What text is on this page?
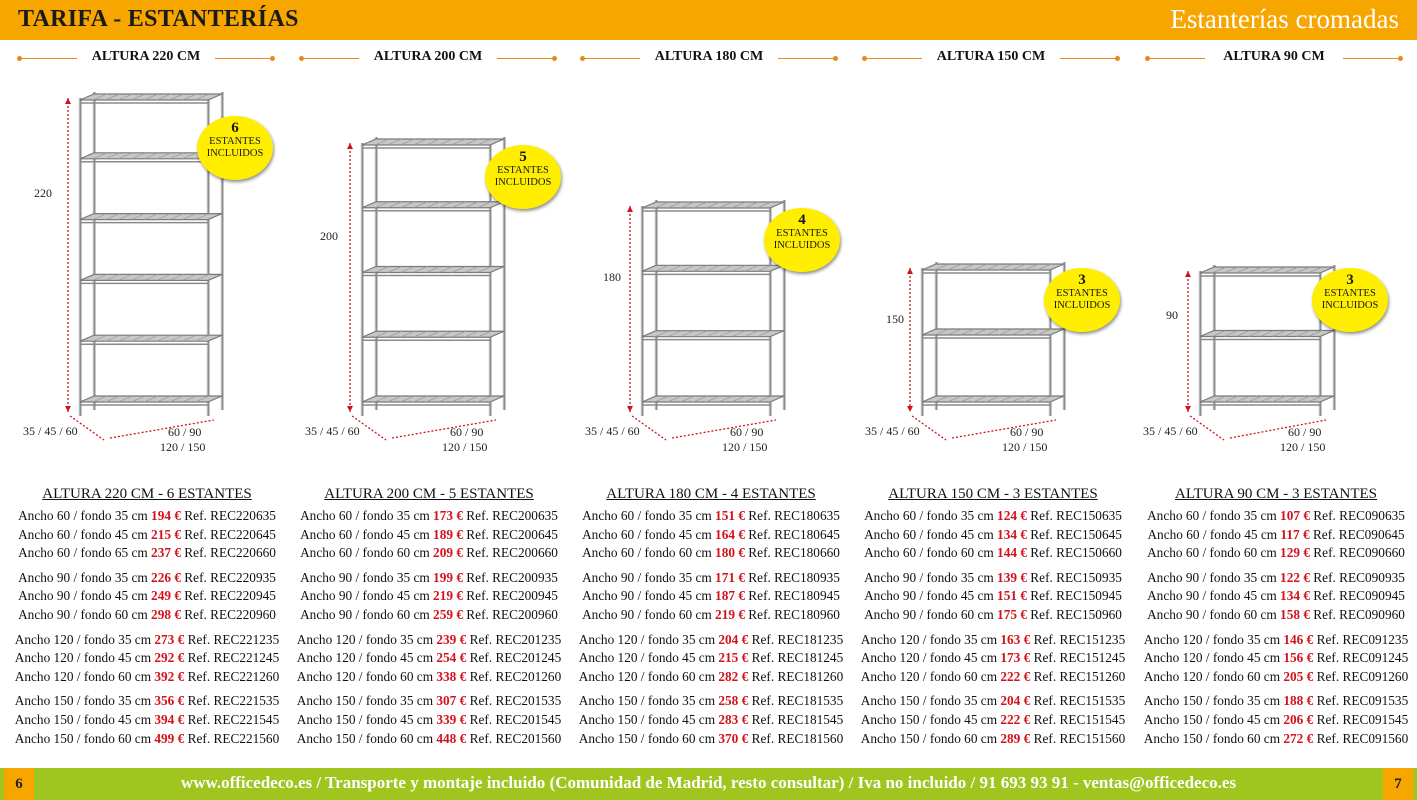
TARIFA - ESTANTERÍAS	Estanterías cromadas
ALTURA 220 CM	ALTURA 200 CM	ALTURA 180 CM	ALTURA 150 CM	ALTURA 90 CM
6
ESTANTES
INCLUIDOS
220
35 / 45 / 60	60 / 90
120 / 150
5
ESTANTES
INCLUIDOS
200
35 / 45 / 60	60 / 90
120 / 150
4
ESTANTES
INCLUIDOS
180
35 / 45 / 60	60 / 90
120 / 150
3
ESTANTES
INCLUIDOS
150
35 / 45 / 60	60 / 90
120 / 150
3
ESTANTES
INCLUIDOS
90
35 / 45 / 60	60 / 90
120 / 150
ALTURA 220 CM - 6 ESTANTES
Ancho 60 / fondo 35 cm 194 € Ref. REC220635
Ancho 60 / fondo 45 cm 215 € Ref. REC220645
Ancho 60 / fondo 65 cm 237 € Ref. REC220660
Ancho 90 / fondo 35 cm 226 € Ref. REC220935
Ancho 90 / fondo 45 cm 249 € Ref. REC220945
Ancho 90 / fondo 60 cm 298 € Ref. REC220960
Ancho 120 / fondo 35 cm 273 € Ref. REC221235
Ancho 120 / fondo 45 cm 292 € Ref. REC221245
Ancho 120 / fondo 60 cm 392 € Ref. REC221260
Ancho 150 / fondo 35 cm 356 € Ref. REC221535
Ancho 150 / fondo 45 cm 394 € Ref. REC221545
Ancho 150 / fondo 60 cm 499 € Ref. REC221560
ALTURA 200 CM - 5 ESTANTES
Ancho 60 / fondo 35 cm 173 € Ref. REC200635
Ancho 60 / fondo 45 cm 189 € Ref. REC200645
Ancho 60 / fondo 60 cm 209 € Ref. REC200660
Ancho 90 / fondo 35 cm 199 € Ref. REC200935
Ancho 90 / fondo 45 cm 219 € Ref. REC200945
Ancho 90 / fondo 60 cm 259 € Ref. REC200960
Ancho 120 / fondo 35 cm 239 € Ref. REC201235
Ancho 120 / fondo 45 cm 254 € Ref. REC201245
Ancho 120 / fondo 60 cm 338 € Ref. REC201260
Ancho 150 / fondo 35 cm 307 € Ref. REC201535
Ancho 150 / fondo 45 cm 339 € Ref. REC201545
Ancho 150 / fondo 60 cm 448 € Ref. REC201560
ALTURA 180 CM - 4 ESTANTES
Ancho 60 / fondo 35 cm 151 € Ref. REC180635
Ancho 60 / fondo 45 cm 164 € Ref. REC180645
Ancho 60 / fondo 60 cm 180 € Ref. REC180660
Ancho 90 / fondo 35 cm 171 € Ref. REC180935
Ancho 90 / fondo 45 cm 187 € Ref. REC180945
Ancho 90 / fondo 60 cm 219 € Ref. REC180960
Ancho 120 / fondo 35 cm 204 € Ref. REC181235
Ancho 120 / fondo 45 cm 215 € Ref. REC181245
Ancho 120 / fondo 60 cm 282 € Ref. REC181260
Ancho 150 / fondo 35 cm 258 € Ref. REC181535
Ancho 150 / fondo 45 cm 283 € Ref. REC181545
Ancho 150 / fondo 60 cm 370 € Ref. REC181560
ALTURA 150 CM - 3 ESTANTES
Ancho 60 / fondo 35 cm 124 € Ref. REC150635
Ancho 60 / fondo 45 cm 134 € Ref. REC150645
Ancho 60 / fondo 60 cm 144 € Ref. REC150660
Ancho 90 / fondo 35 cm 139 € Ref. REC150935
Ancho 90 / fondo 45 cm 151 € Ref. REC150945
Ancho 90 / fondo 60 cm 175 € Ref. REC150960
Ancho 120 / fondo 35 cm 163 € Ref. REC151235
Ancho 120 / fondo 45 cm 173 € Ref. REC151245
Ancho 120 / fondo 60 cm 222 € Ref. REC151260
Ancho 150 / fondo 35 cm 204 € Ref. REC151535
Ancho 150 / fondo 45 cm 222 € Ref. REC151545
Ancho 150 / fondo 60 cm 289 € Ref. REC151560
ALTURA 90 CM - 3 ESTANTES
Ancho 60 / fondo 35 cm 107 € Ref. REC090635
Ancho 60 / fondo 45 cm 117 € Ref. REC090645
Ancho 60 / fondo 60 cm 129 € Ref. REC090660
Ancho 90 / fondo 35 cm 122 € Ref. REC090935
Ancho 90 / fondo 45 cm 134 € Ref. REC090945
Ancho 90 / fondo 60 cm 158 € Ref. REC090960
Ancho 120 / fondo 35 cm 146 € Ref. REC091235
Ancho 120 / fondo 45 cm 156 € Ref. REC091245
Ancho 120 / fondo 60 cm 205 € Ref. REC091260
Ancho 150 / fondo 35 cm 188 € Ref. REC091535
Ancho 150 / fondo 45 cm 206 € Ref. REC091545
Ancho 150 / fondo 60 cm 272 € Ref. REC091560
6	www.officedeco.es / Transporte y montaje incluido (Comunidad de Madrid, resto consultar) / Iva no incluido / 91 693 93 91 - ventas@officedeco.es	7
